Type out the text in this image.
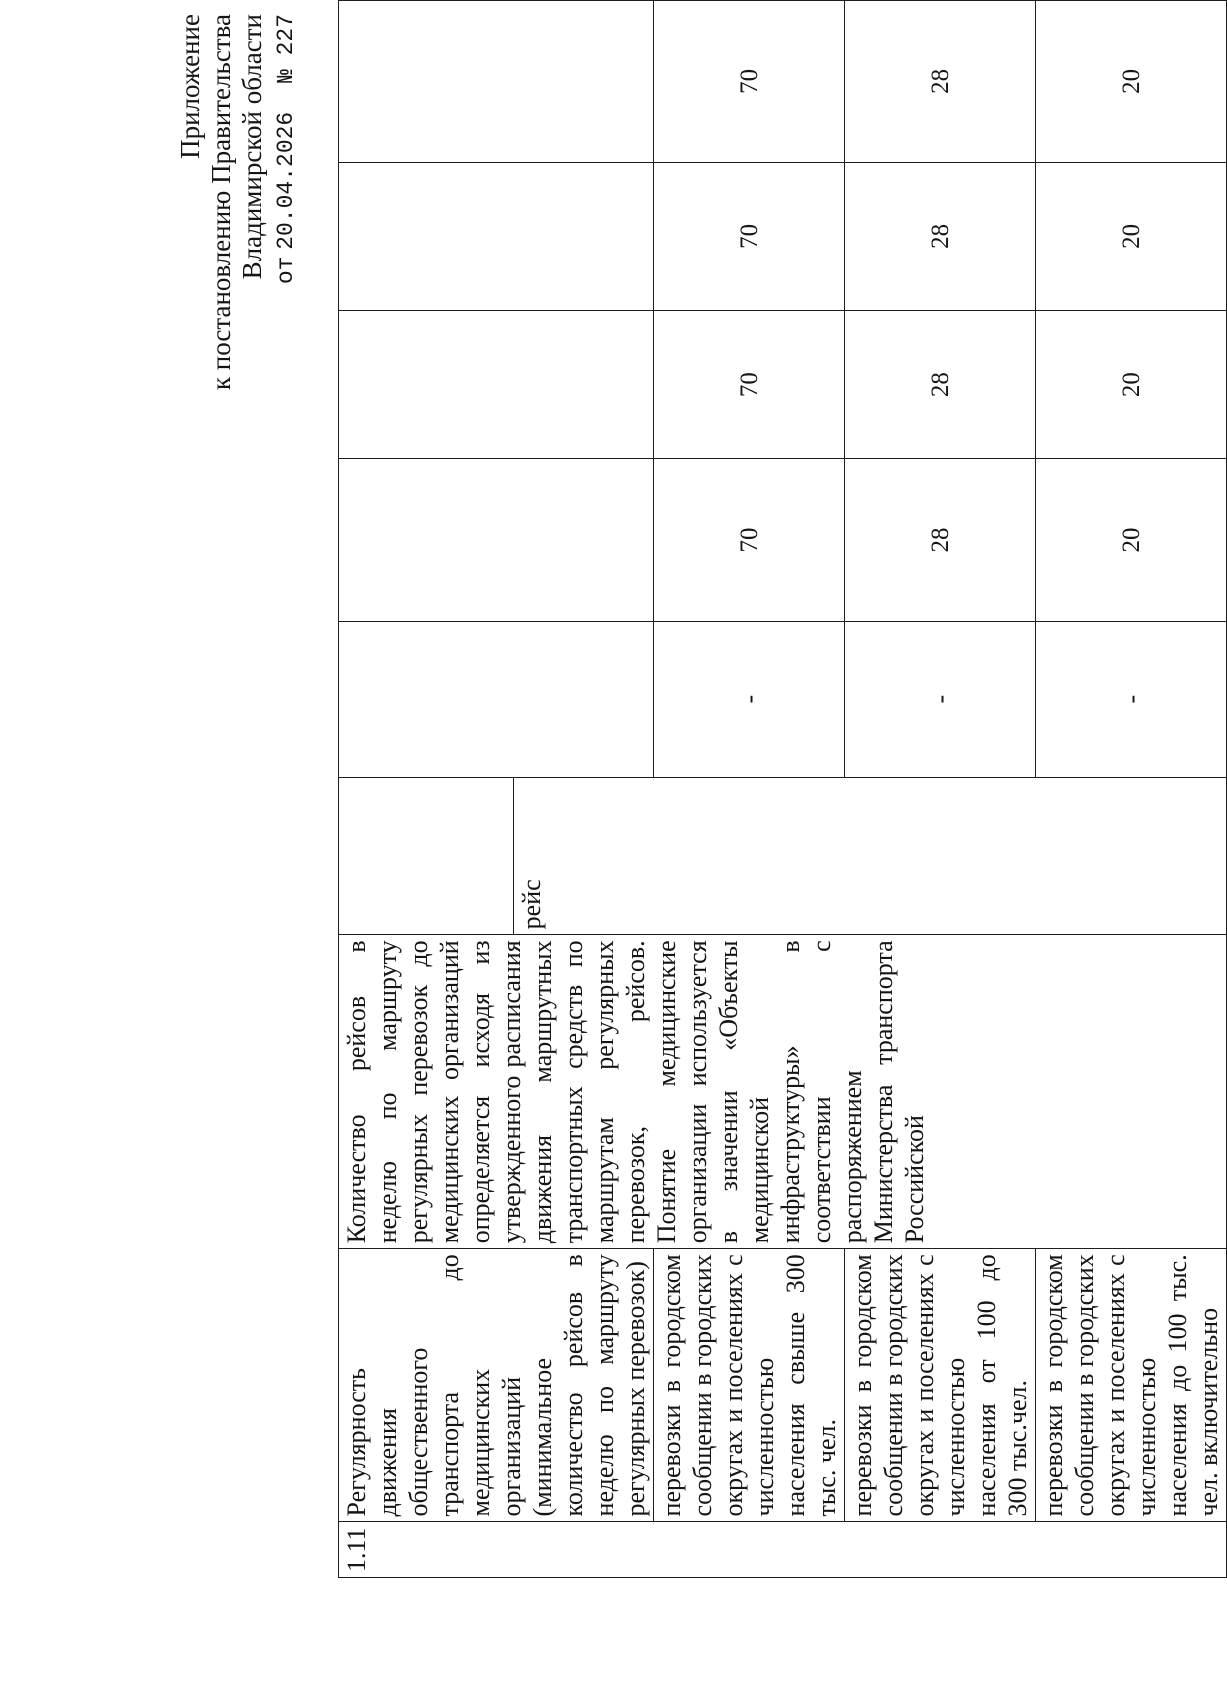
Приложение к постановлению Правительства Владимирской области от 20.04.2026 № 227
1.11	Регулярность движения общественного транспорта до медицинских организаций (минимальное количество рейсов в неделю по маршруту регулярных перевозок)	Количество рейсов в неделю по маршруту регулярных перевозок до медицинских организаций определяется исходя из утвержденного расписания движения маршрутных транспортных средств по маршрутам регулярных перевозок, рейсов. Понятие медицинские организации используется в значении «Объекты медицинской инфраструктуры» в соответствии с распоряжением Министерства транспорта Российской	рейс					

	перевозки в городском сообщении в городских округах и поселениях с численностью населения свыше 300 тыс. чел.			-	70	70	70	70
	перевозки в городском сообщении в городских округах и поселениях с численностью населения от 100 до 300 тыс.чел.			-	28	28	28	28
	перевозки в городском сообщении в городских округах и поселениях с численностью населения до 100 тыс. чел. включительно			-	20	20	20	20
